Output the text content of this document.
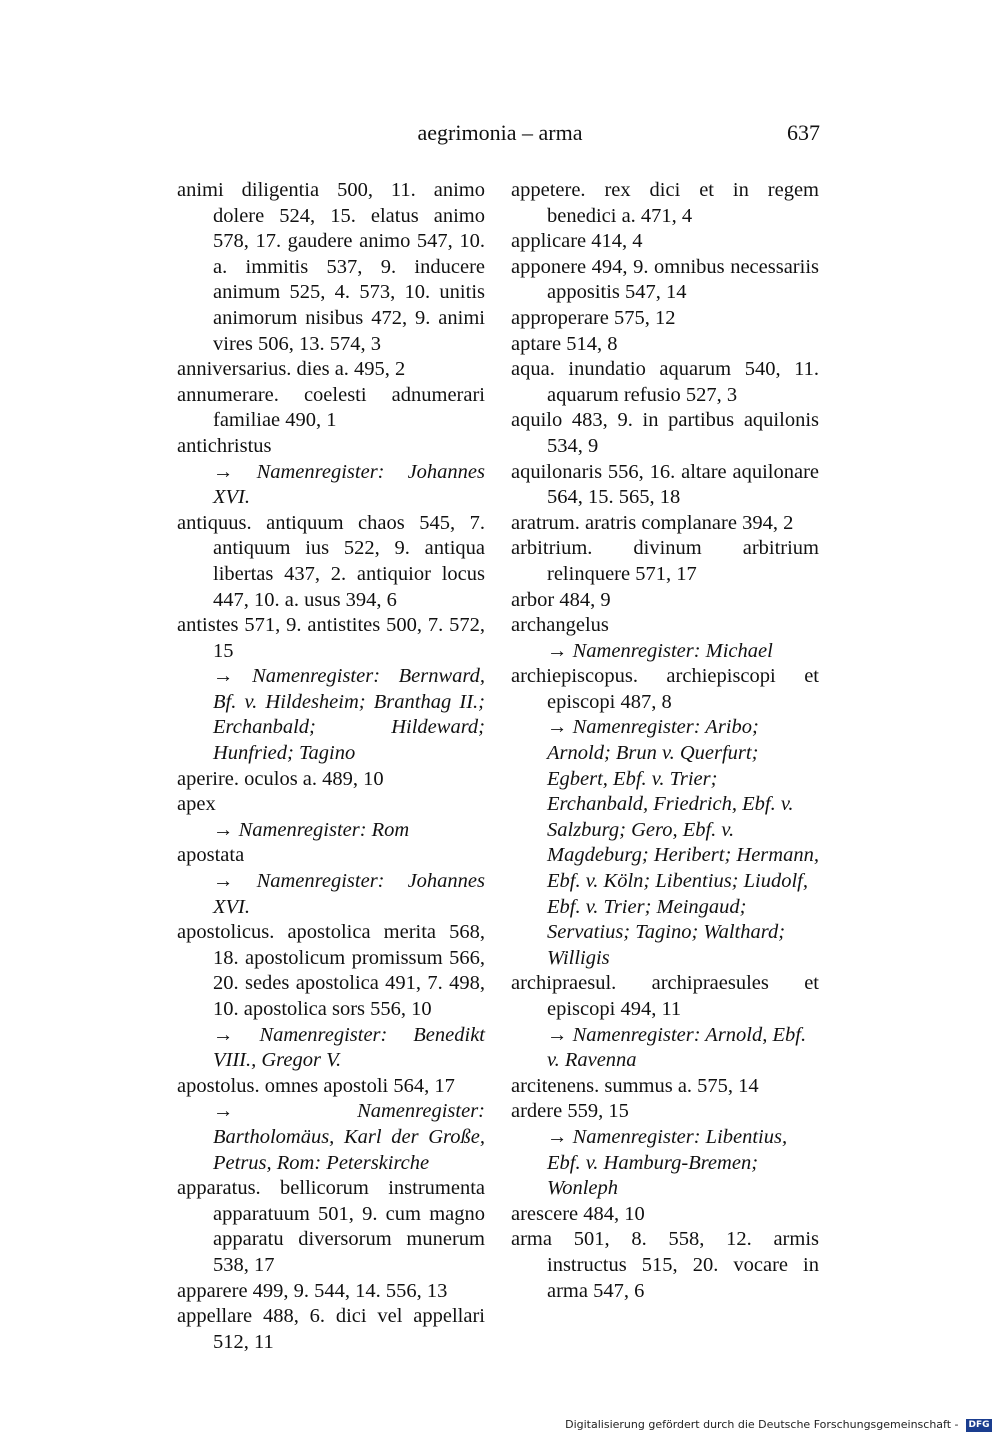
aegrimonia – arma	637

animi diligentia 500, 11. animo dolere 524, 15. elatus animo 578, 17. gaudere animo 547, 10. a. immitis 537, 9. inducere animum 525, 4. 573, 10. unitis animorum nisibus 472, 9. animi vires 506, 13. 574, 3

anniversarius. dies a. 495, 2

annumerare. coelesti adnumerari familiae 490, 1

antichristus
→ Namenregister: Johannes XVI.

antiquus. antiquum chaos 545, 7. antiquum ius 522, 9. antiqua libertas 437, 2. antiquior locus 447, 10. a. usus 394, 6

antistes 571, 9. antistites 500, 7. 572, 15
→ Namenregister: Bernward, Bf. v. Hildesheim; Branthag II.; Erchanbald; Hildeward; Hunfried; Tagino

aperire. oculos a. 489, 10

apex
→ Namenregister: Rom

apostata
→ Namenregister: Johannes XVI.

apostolicus. apostolica merita 568, 18. apostolicum promissum 566, 20. sedes apostolica 491, 7. 498, 10. apostolica sors 556, 10
→ Namenregister: Benedikt VIII., Gregor V.

apostolus. omnes apostoli 564, 17
→ Namenregister: Bartholomäus, Karl der Große, Petrus, Rom: Peterskirche

apparatus. bellicorum instrumenta apparatuum 501, 9. cum magno apparatu diversorum munerum 538, 17

apparere 499, 9. 544, 14. 556, 13

appellare 488, 6. dici vel appellari 512, 11

appetere. rex dici et in regem benedici a. 471, 4

applicare 414, 4

apponere 494, 9. omnibus necessariis appositis 547, 14

approperare 575, 12

aptare 514, 8

aqua. inundatio aquarum 540, 11. aquarum refusio 527, 3

aquilo 483, 9. in partibus aquilonis 534, 9

aquilonaris 556, 16. altare aquilonare 564, 15. 565, 18

aratrum. aratris complanare 394, 2

arbitrium. divinum arbitrium relinquere 571, 17

arbor 484, 9

archangelus
→ Namenregister: Michael

archiepiscopus. archiepiscopi et episcopi 487, 8
→ Namenregister: Aribo; Arnold; Brun v. Querfurt; Egbert, Ebf. v. Trier; Erchanbald, Friedrich, Ebf. v. Salzburg; Gero, Ebf. v. Magdeburg; Heribert; Hermann, Ebf. v. Köln; Libentius; Liudolf, Ebf. v. Trier; Meingaud; Servatius; Tagino; Walthard; Willigis

archipraesul. archipraesules et episcopi 494, 11
→ Namenregister: Arnold, Ebf. v. Ravenna

arcitenens. summus a. 575, 14

ardere 559, 15
→ Namenregister: Libentius, Ebf. v. Hamburg-Bremen; Wonleph

arescere 484, 10

arma 501, 8. 558, 12. armis instructus 515, 20. vocare in arma 547, 6

Digitalisierung gefördert durch die Deutsche Forschungsgemeinschaft - DFG
